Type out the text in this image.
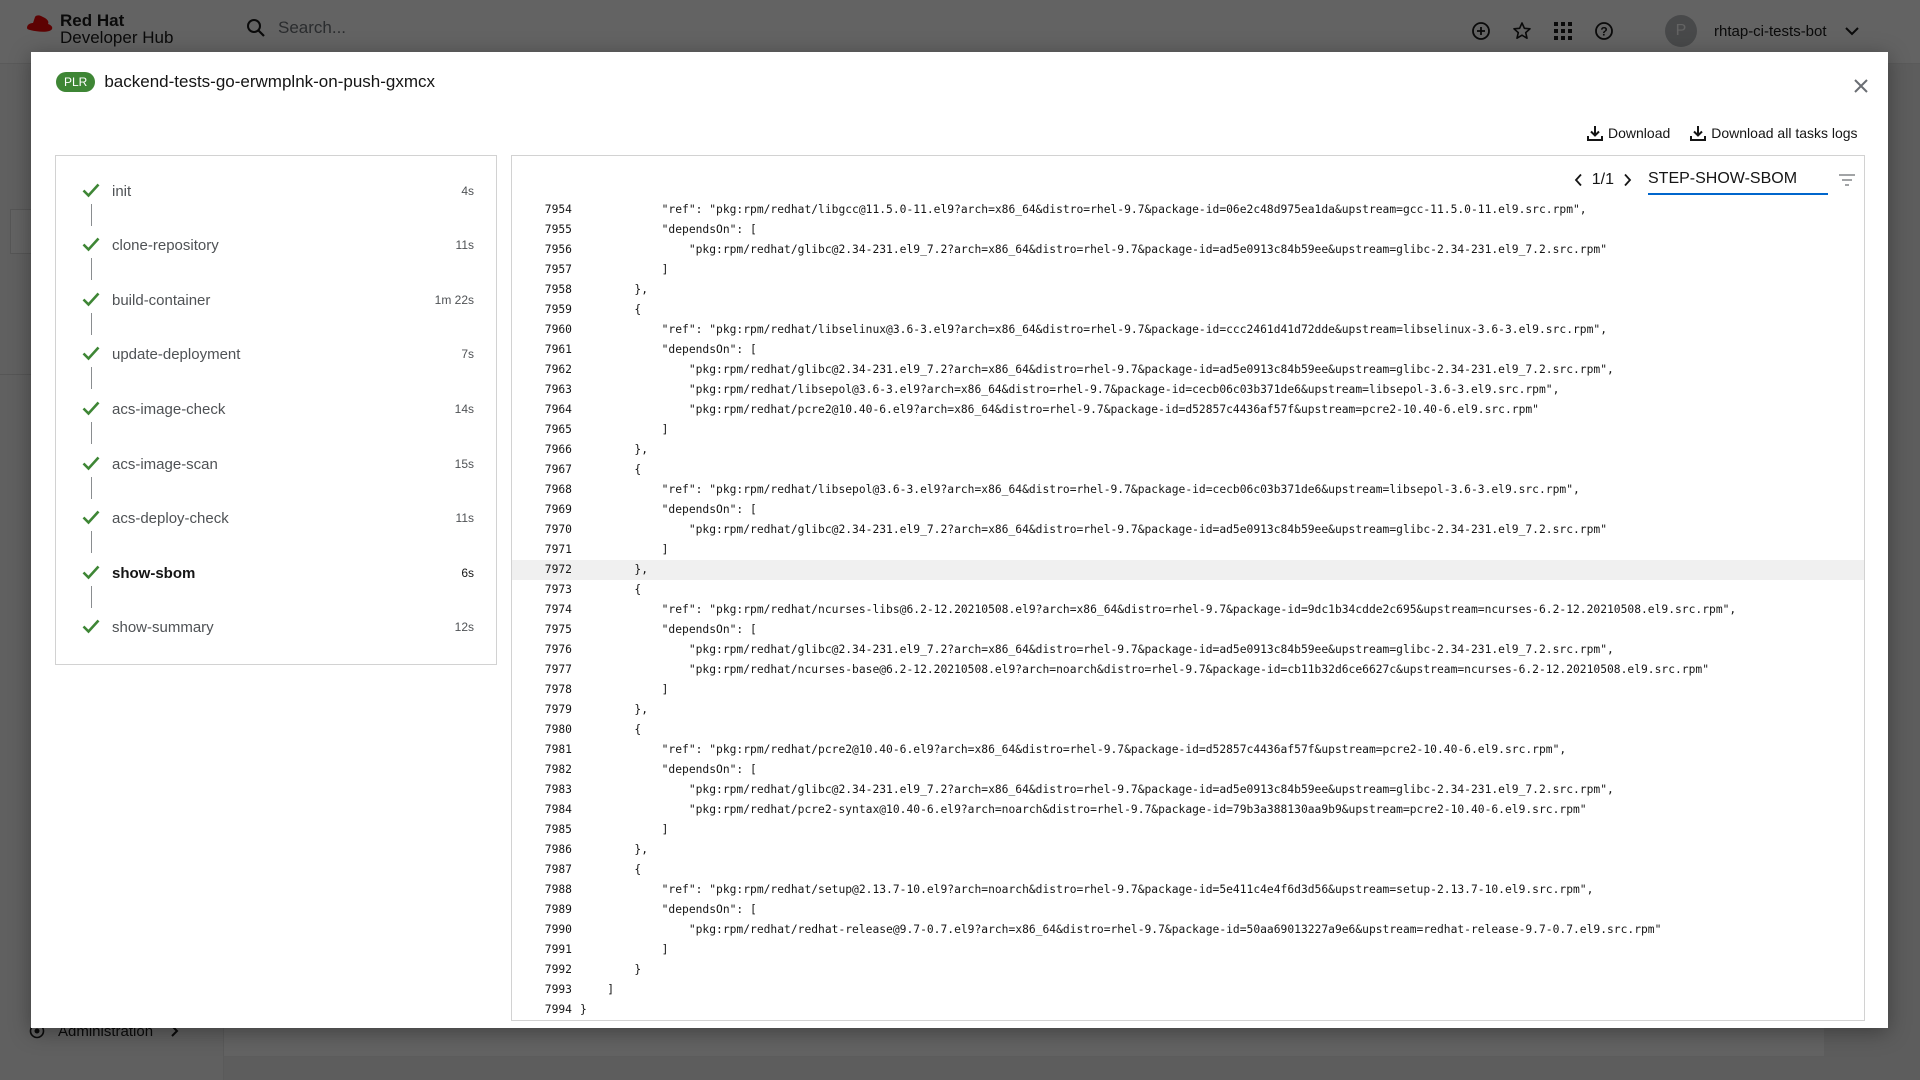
PLR	backend-tests-go-erwmplnk-on-push-gxmcx
Download	Download all tasks logs
init	4s
clone-repository	11s
build-container	1m 22s
update-deployment	7s
acs-image-check	14s
acs-image-scan	15s
acs-deploy-check	11s
show-sbom	6s
show-summary	12s
1/1
STEP-SHOW-SBOM
7954 "ref": "pkg:rpm/redhat/libgcc@11.5.0-11.el9?arch=x86_64&distro=rhel-9.7&package-id=06e2c48d975ea1da&upstream=gcc-11.5.0-11.el9.src.rpm",
7955 "dependsOn": [
7956 "pkg:rpm/redhat/glibc@2.34-231.el9_7.2?arch=x86_64&distro=rhel-9.7&package-id=ad5e0913c84b59ee&upstream=glibc-2.34-231.el9_7.2.src.rpm"
7957 ]
7958 },
7959 {
7960 "ref": "pkg:rpm/redhat/libselinux@3.6-3.el9?arch=x86_64&distro=rhel-9.7&package-id=ccc2461d41d72dde&upstream=libselinux-3.6-3.el9.src.rpm",
7961 "dependsOn": [
7962 "pkg:rpm/redhat/glibc@2.34-231.el9_7.2?arch=x86_64&distro=rhel-9.7&package-id=ad5e0913c84b59ee&upstream=glibc-2.34-231.el9_7.2.src.rpm",
7963 "pkg:rpm/redhat/libsepol@3.6-3.el9?arch=x86_64&distro=rhel-9.7&package-id=cecb06c03b371de6&upstream=libsepol-3.6-3.el9.src.rpm",
7964 "pkg:rpm/redhat/pcre2@10.40-6.el9?arch=x86_64&distro=rhel-9.7&package-id=d52857c4436af57f&upstream=pcre2-10.40-6.el9.src.rpm"
7965 ]
7966 },
7967 {
7968 "ref": "pkg:rpm/redhat/libsepol@3.6-3.el9?arch=x86_64&distro=rhel-9.7&package-id=cecb06c03b371de6&upstream=libsepol-3.6-3.el9.src.rpm",
7969 "dependsOn": [
7970 "pkg:rpm/redhat/glibc@2.34-231.el9_7.2?arch=x86_64&distro=rhel-9.7&package-id=ad5e0913c84b59ee&upstream=glibc-2.34-231.el9_7.2.src.rpm"
7971 ]
7972 },
7973 {
7974 "ref": "pkg:rpm/redhat/ncurses-libs@6.2-12.20210508.el9?arch=x86_64&distro=rhel-9.7&package-id=9dc1b34cdde2c695&upstream=ncurses-6.2-12.20210508.el9.src.rpm",
7975 "dependsOn": [
7976 "pkg:rpm/redhat/glibc@2.34-231.el9_7.2?arch=x86_64&distro=rhel-9.7&package-id=ad5e0913c84b59ee&upstream=glibc-2.34-231.el9_7.2.src.rpm",
7977 "pkg:rpm/redhat/ncurses-base@6.2-12.20210508.el9?arch=noarch&distro=rhel-9.7&package-id=cb11b32d6ce6627c&upstream=ncurses-6.2-12.20210508.el9.src.rpm"
7978 ]
7979 },
7980 {
7981 "ref": "pkg:rpm/redhat/pcre2@10.40-6.el9?arch=x86_64&distro=rhel-9.7&package-id=d52857c4436af57f&upstream=pcre2-10.40-6.el9.src.rpm",
7982 "dependsOn": [
7983 "pkg:rpm/redhat/glibc@2.34-231.el9_7.2?arch=x86_64&distro=rhel-9.7&package-id=ad5e0913c84b59ee&upstream=glibc-2.34-231.el9_7.2.src.rpm",
7984 "pkg:rpm/redhat/pcre2-syntax@10.40-6.el9?arch=noarch&distro=rhel-9.7&package-id=79b3a388130aa9b9&upstream=pcre2-10.40-6.el9.src.rpm"
7985 ]
7986 },
7987 {
7988 "ref": "pkg:rpm/redhat/setup@2.13.7-10.el9?arch=noarch&distro=rhel-9.7&package-id=5e411c4e4f6d3d56&upstream=setup-2.13.7-10.el9.src.rpm",
7989 "dependsOn": [
7990 "pkg:rpm/redhat/redhat-release@9.7-0.7.el9?arch=x86_64&distro=rhel-9.7&package-id=50aa69013227a9e6&upstream=redhat-release-9.7-0.7.el9.src.rpm"
7991 ]
7992 }
7993 ]
7994 }
